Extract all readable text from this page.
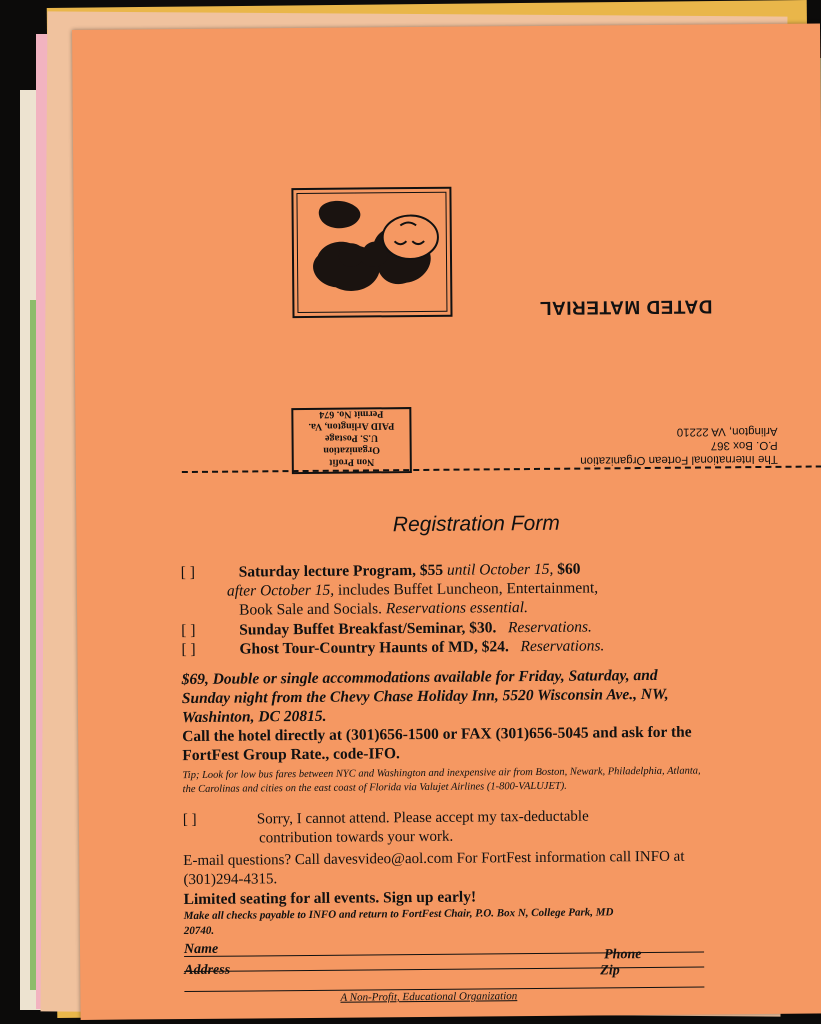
DATED MATERIAL
Non Profit
Organization
U.S. Postage
PAID Arlington, Va.
Permit No. 674
The International Fortean Organization
P.O. Box 367
Arlington, VA 22210
Registration Form
[ ]	Saturday lecture Program, $55 until October 15, $60
after October 15, includes Buffet Luncheon, Entertainment,
Book Sale and Socials. Reservations essential.
[ ]	Sunday Buffet Breakfast/Seminar, $30. Reservations.
[ ]	Ghost Tour-Country Haunts of MD, $24. Reservations.
$69, Double or single accommodations available for Friday, Saturday, and Sunday night from the Chevy Chase Holiday Inn, 5520 Wisconsin Ave., NW, Washinton, DC 20815.
Call the hotel directly at (301)656-1500 or FAX (301)656-5045 and ask for the FortFest Group Rate., code-IFO.
Tip; Look for low bus fares between NYC and Washington and inexpensive air from Boston, Newark, Philadelphia, Atlanta, the Carolinas and cities on the east coast of Florida via Valujet Airlines (1-800-VALUJET).
[ ]	Sorry, I cannot attend. Please accept my tax-deductable
contribution towards your work.
E-mail questions? Call davesvideo@aol.com For FortFest information call INFO at (301)294-4315.
Limited seating for all events. Sign up early!
Make all checks payable to INFO and return to FortFest Chair, P.O. Box N, College Park, MD 20740.
Name	Phone
Address	Zip
A Non-Profit, Educational Organization
